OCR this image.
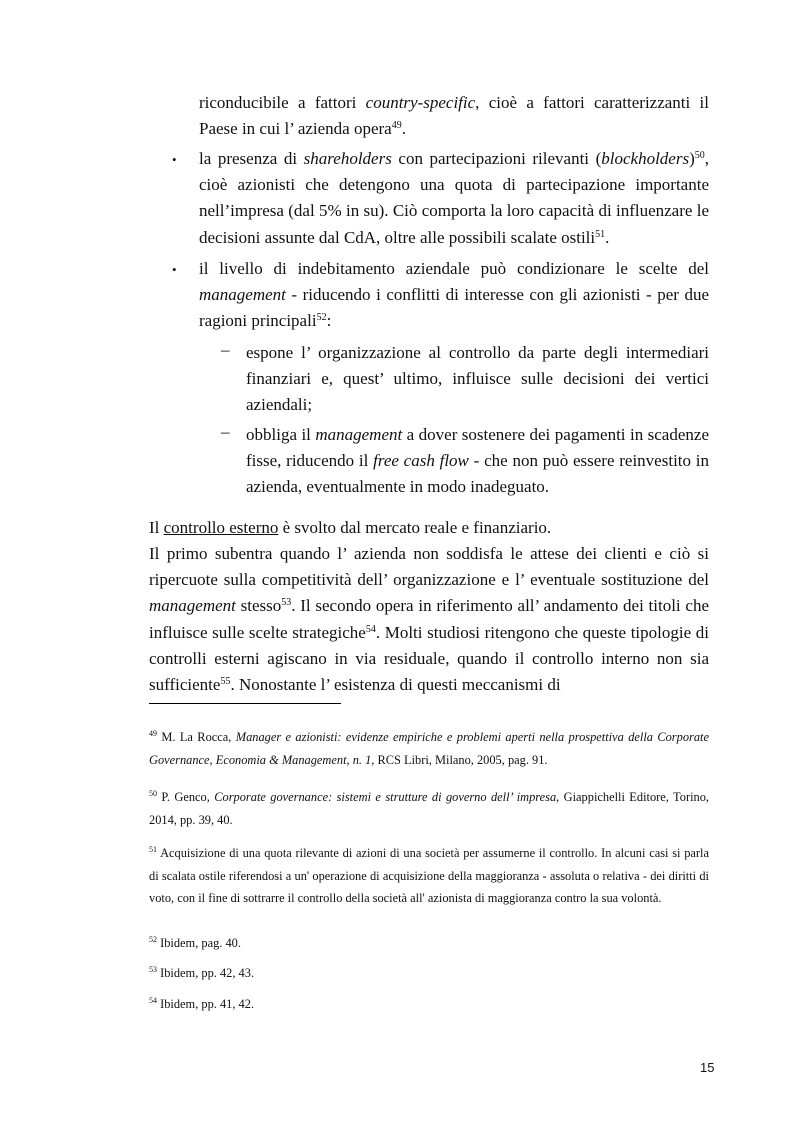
riconducibile a fattori country-specific, cioè a fattori caratterizzanti il Paese in cui l’ azienda opera$^{49}$.
• la presenza di shareholders con partecipazioni rilevanti (blockholders)$^{50}$, cioè azionisti che detengono una quota di partecipazione importante nell’impresa (dal 5% in su). Ciò comporta la loro capacità di influenzare le decisioni assunte dal CdA, oltre alle possibili scalate ostili$^{51}$.
• il livello di indebitamento aziendale può condizionare le scelte del management - riducendo i conflitti di interesse con gli azionisti - per due ragioni principali$^{52}$:
– espone l’ organizzazione al controllo da parte degli intermediari finanziari e, quest’ ultimo, influisce sulle decisioni dei vertici aziendali;
– obbliga il management a dover sostenere dei pagamenti in scadenze fisse, riducendo il free cash flow - che non può essere reinvestito in azienda, eventualmente in modo inadeguato.
Il controllo esterno è svolto dal mercato reale e finanziario.
Il primo subentra quando l’ azienda non soddisfa le attese dei clienti e ciò si ripercuote sulla competitività dell’ organizzazione e l’ eventuale sostituzione del management stesso$^{53}$. Il secondo opera in riferimento all’ andamento dei titoli che influisce sulle scelte strategiche$^{54}$. Molti studiosi ritengono che queste tipologie di controlli esterni agiscano in via residuale, quando il controllo interno non sia sufficiente$^{55}$. Nonostante l’ esistenza di questi meccanismi di
$^{49}$ M. La Rocca, Manager e azionisti: evidenze empiriche e problemi aperti nella prospettiva della Corporate Governance, Economia & Management, n. 1, RCS Libri, Milano, 2005, pag. 91.
$^{50}$ P. Genco, Corporate governance: sistemi e strutture di governo dell’ impresa, Giappichelli Editore, Torino, 2014, pp. 39, 40.
$^{51}$ Acquisizione di una quota rilevante di azioni di una società per assumerne il controllo. In alcuni casi si parla di scalata ostile riferendosi a un' operazione di acquisizione della maggioranza - assoluta o relativa - dei diritti di voto, con il fine di sottrarre il controllo della società all' azionista di maggioranza contro la sua volontà.
$^{52}$ Ibidem, pag. 40.
$^{53}$ Ibidem, pp. 42, 43.
$^{54}$ Ibidem, pp. 41, 42.
15
